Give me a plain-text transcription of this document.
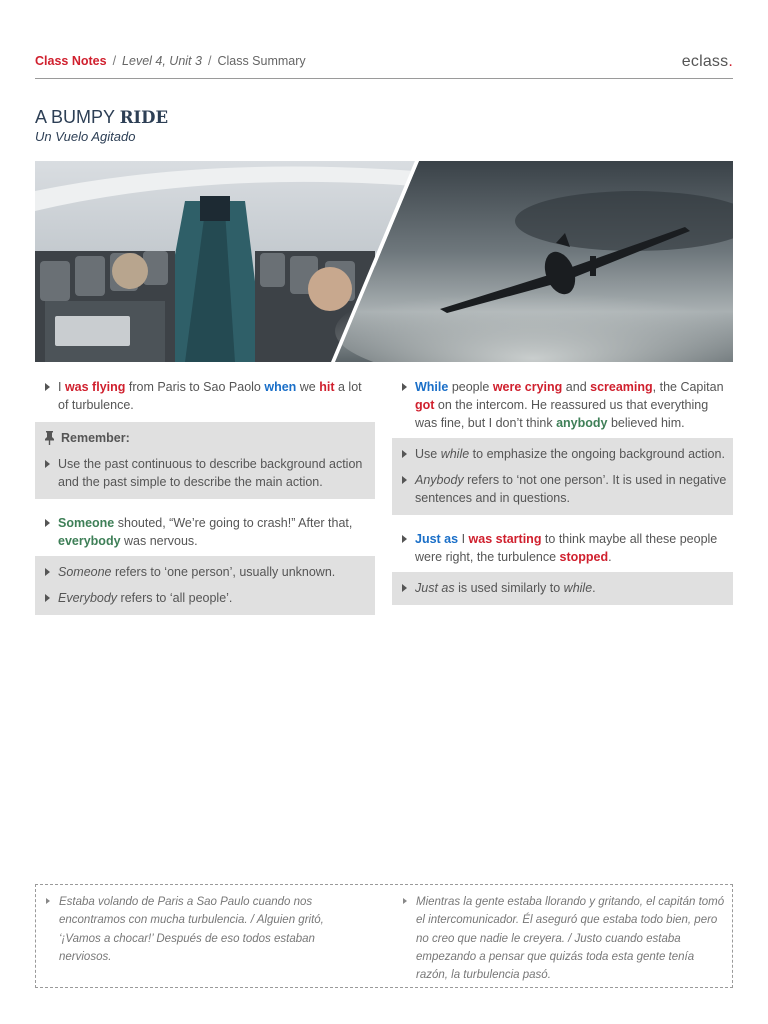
Class Notes / Level 4, Unit 3 / Class Summary	eclass.
A BUMPY RIDE
Un Vuelo Agitado
I was flying from Paris to Sao Paolo when we hit a lot of turbulence.
Remember:
Use the past continuous to describe background action and the past simple to describe the main action.
Someone shouted, “We’re going to crash!” After that, everybody was nervous.
Someone refers to ‘one person’, usually unknown.
Everybody refers to ‘all people’.
While people were crying and screaming, the Capitan got on the intercom. He reassured us that everything was fine, but I don’t think anybody believed him.
Use while to emphasize the ongoing background action.
Anybody refers to ‘not one person’. It is used in negative sentences and in questions.
Just as I was starting to think maybe all these people were right, the turbulence stopped.
Just as is used similarly to while.

Estaba volando de Paris a Sao Paulo cuando nos encontramos con mucha turbulencia. / Alguien gritó, ‘¡Vamos a chocar!’ Después de eso todos estaban nerviosos.

Mientras la gente estaba llorando y gritando, el capitán tomó el intercomunicador. Él aseguró que estaba todo bien, pero no creo que nadie le creyera. / Justo cuando estaba empezando a pensar que quizás toda esta gente tenía razón, la turbulencia pasó.
